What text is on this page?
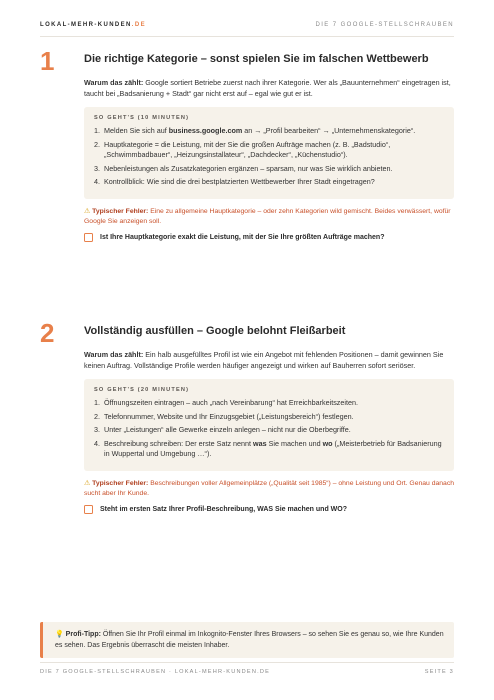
LOKAL-MEHR-KUNDEN.DE	DIE 7 GOOGLE-STELLSCHRAUBEN
1	Die richtige Kategorie – sonst spielen Sie im falschen Wettbewerb

Warum das zählt: Google sortiert Betriebe zuerst nach ihrer Kategorie. Wer als „Bauunternehmen“ eingetragen ist, taucht bei „Badsanierung + Stadt“ gar nicht erst auf – egal wie gut er ist.

SO GEHT'S (10 MINUTEN)
1. Melden Sie sich auf business.google.com an → „Profil bearbeiten“ → „Unternehmenskategorie“.
2. Hauptkategorie = die Leistung, mit der Sie die großen Aufträge machen (z. B. „Badstudio“, „Schwimmbadbauer“, „Heizungsinstallateur“, „Dachdecker“, „Küchenstudio“).
3. Nebenleistungen als Zusatzkategorien ergänzen – sparsam, nur was Sie wirklich anbieten.
4. Kontrollblick: Wie sind die drei bestplatzierten Wettbewerber Ihrer Stadt eingetragen?

⚠ Typischer Fehler: Eine zu allgemeine Hauptkategorie – oder zehn Kategorien wild gemischt. Beides verwässert, wofür Google Sie anzeigen soll.

Ist Ihre Hauptkategorie exakt die Leistung, mit der Sie Ihre größten Aufträge machen?
2	Vollständig ausfüllen – Google belohnt Fleißarbeit

Warum das zählt: Ein halb ausgefülltes Profil ist wie ein Angebot mit fehlenden Positionen – damit gewinnen Sie keinen Auftrag. Vollständige Profile werden häufiger angezeigt und wirken auf Bauherren sofort seriöser.

SO GEHT'S (20 MINUTEN)
1. Öffnungszeiten eintragen – auch „nach Vereinbarung“ hat Erreichbarkeitszeiten.
2. Telefonnummer, Website und Ihr Einzugsgebiet („Leistungsbereich“) festlegen.
3. Unter „Leistungen“ alle Gewerke einzeln anlegen – nicht nur die Oberbegriffe.
4. Beschreibung schreiben: Der erste Satz nennt was Sie machen und wo („Meisterbetrieb für Badsanierung in Wuppertal und Umgebung …“).

⚠ Typischer Fehler: Beschreibungen voller Allgemeinplätze („Qualität seit 1985“) – ohne Leistung und Ort. Genau danach sucht aber Ihr Kunde.

Steht im ersten Satz Ihrer Profil-Beschreibung, WAS Sie machen und WO?
💡 Profi-Tipp: Öffnen Sie Ihr Profil einmal im Inkognito-Fenster Ihres Browsers – so sehen Sie es genau so, wie Ihre Kunden es sehen. Das Ergebnis überrascht die meisten Inhaber.
DIE 7 GOOGLE-STELLSCHRAUBEN · LOKAL-MEHR-KUNDEN.DE	SEITE 3
